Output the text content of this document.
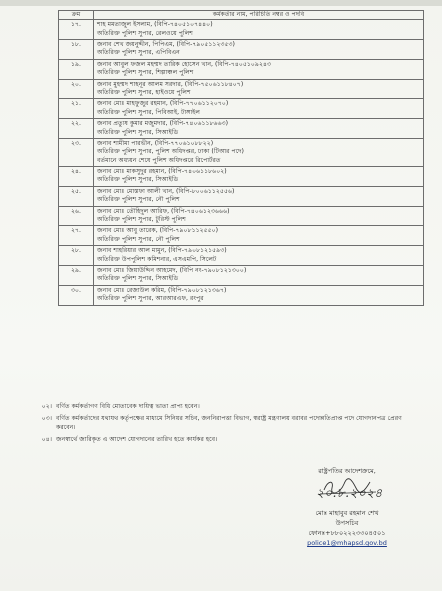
ক্রম	কর্মকর্তার নাম, পরিচিতি নম্বর ও পদবি
১৭.	শাহ মমতাজুল ইসলাম, (বিপি-৭৪০৫১০৭৪৪০)
অতিরিক্ত পুলিশ সুপার, রেলওয়ে পুলিশ

১৮.	জনাব শেখ জয়নুদ্দীন, পিপিএম, (বিপি-৭৯০৫১১২৩৫৩)
অতিরিক্ত পুলিশ সুপার, এপিবিএন

১৯.	জনাব আবুল ফজল মহম্মদ তারিক হোসেন খান, (বিপি-৭৪০৫১০৯২৪৩
অতিরিক্ত পুলিশ সুপার, শিল্পাঞ্চল পুলিশ

২০.	জনাব মুহম্মদ শাহনূর আলম সরদার, (বিপি-৭৫০৬১১৮৪০৭)
অতিরিক্ত পুলিশ সুপার, হাইওয়ে পুলিশ

২১.	জনাব মোঃ মাহফুজুর রহমান, (বিপি-৭৭০৬১১২০৭০)
অতিরিক্ত পুলিশ সুপার, পিবিআই, টাঙ্গাইল

২২.	জনাব প্রত্যুষ কুমার মজুমদার, (বিপি-৭৪০৬১১৮৬৬৩)
অতিরিক্ত পুলিশ সুপার, সিআইডি

২৩.	জনাব শামীমা পারভীন, (বিপি-৭৭০৬১০৮৮২২)
অতিরিক্ত পুলিশ সুপার, পুলিশ অধিদপ্তর, ঢাকা (টিআর পদে)
বর্তমানে অধ্যয়ন শেষে পুলিশ অধিদপ্তরে রিপোর্টরত

২৪.	জনাব মোঃ মাকসুদুর রহমান, (বিপি-৭৪০৬১১৮৬০২)
অতিরিক্ত পুলিশ সুপার, সিআইডি

২৫.	জনাব মোঃ মোস্তফা আলী খান, (বিপি-৮০০৬১১২৫৫৬)
অতিরিক্ত পুলিশ সুপার, নৌ পুলিশ

২৬.	জনাব মোঃ তৌহিদুল আরিফ, (বিপি-৭৪০৬১২৩৬৬৬)
অতিরিক্ত পুলিশ সুপার, টুরিস্ট পুলিশ

২৭.	জনাব মোঃ আবু তারেক, (বিপি-৭৯০৮১১২৫৫০)
অতিরিক্ত পুলিশ সুপার, নৌ পুলিশ

২৮.	জনাব শাহরিয়ার আল মামুন, (বিপি-৭৯০৮১২১৫৯৩)
অতিরিক্ত উপপুলিশ কমিশনার, এসএমপি, সিলেট

২৯.	জনাব মোঃ জিয়াউদ্দিন আহমেদ, (বিপি নং-৭৯০৮১২১৩০০)
অতিরিক্ত পুলিশ সুপার, সিআইডি

৩০.	জনাব মোঃ রেজাউল করিম, (বিপি-৭৯০৮১২১৩৬৭)
অতিরিক্ত পুলিশ সুপার, আরআরএফ, রংপুর
০২। বর্ণিত কর্মকর্তাগণ বিধি মোতাবেক দায়িত্ব ভাতা প্রাপ্য হবেন।
০৩। বর্ণিত কর্মকর্তাদের যথাযথ কর্তৃপক্ষের মাধ্যমে সিনিয়র সচিব, জননিরাপত্তা বিভাগ, স্বরাষ্ট্র মন্ত্রণালয় বরাবর পদোন্নতিপ্রাপ্ত পদে যোগদানপত্র প্রেরণ করবেন।
০৪। জনস্বার্থে জারিকৃত এ আদেশ যোগদানের তারিখ হতে কার্যকর হবে।
রাষ্ট্রপতির আদেশক্রমে,
২০.৮.২০২৪
মোঃ মাহাবুব রহমান শেখ
উপসচিব
ফোনঃ+৮৮০২২২৩৩০৪৫০১
police1@mhapsd.gov.bd
